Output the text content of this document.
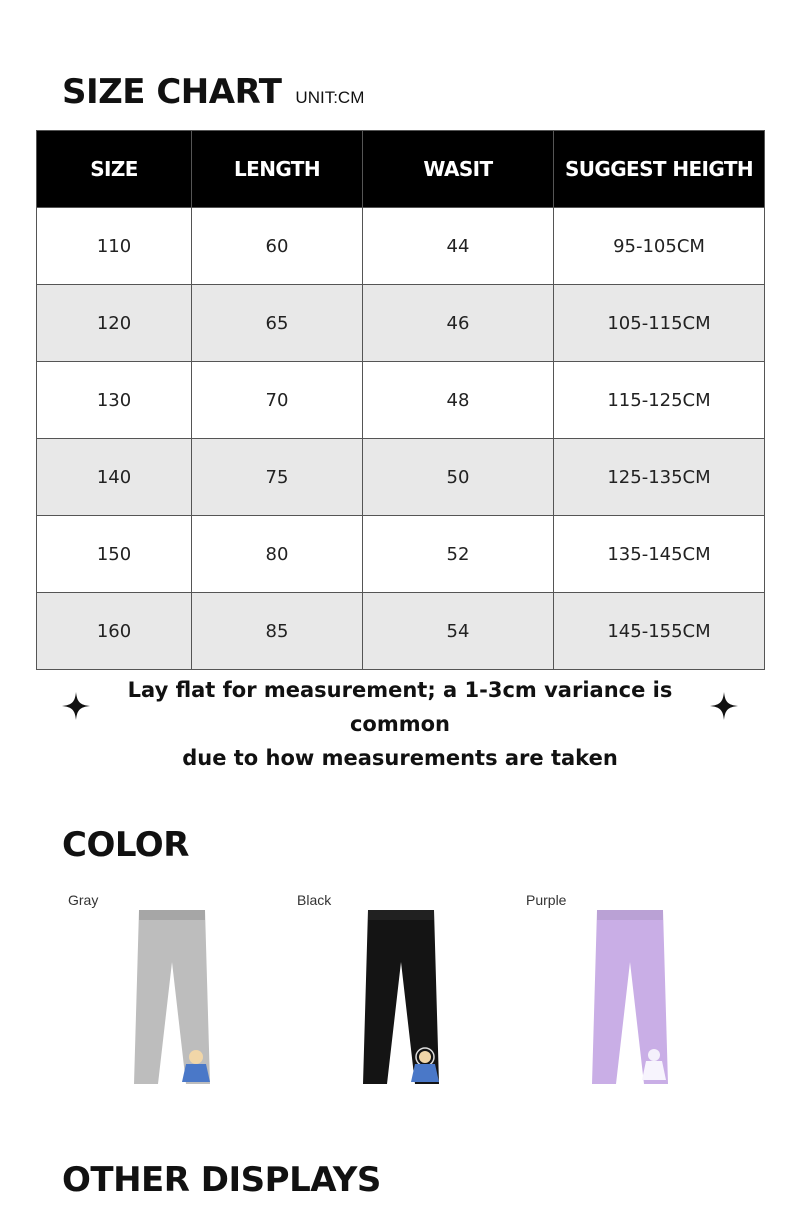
SIZE CHART UNIT:CM
SIZE	LENGTH	WASIT	SUGGEST HEIGTH
110	60	44	95-105CM
120	65	46	105-115CM
130	70	48	115-125CM
140	75	50	125-135CM
150	80	52	135-145CM
160	85	54	145-155CM
Lay flat for measurement; a 1-3cm variance is common
due to how measurements are taken
COLOR
Gray	Black	Purple
OTHER DISPLAYS
